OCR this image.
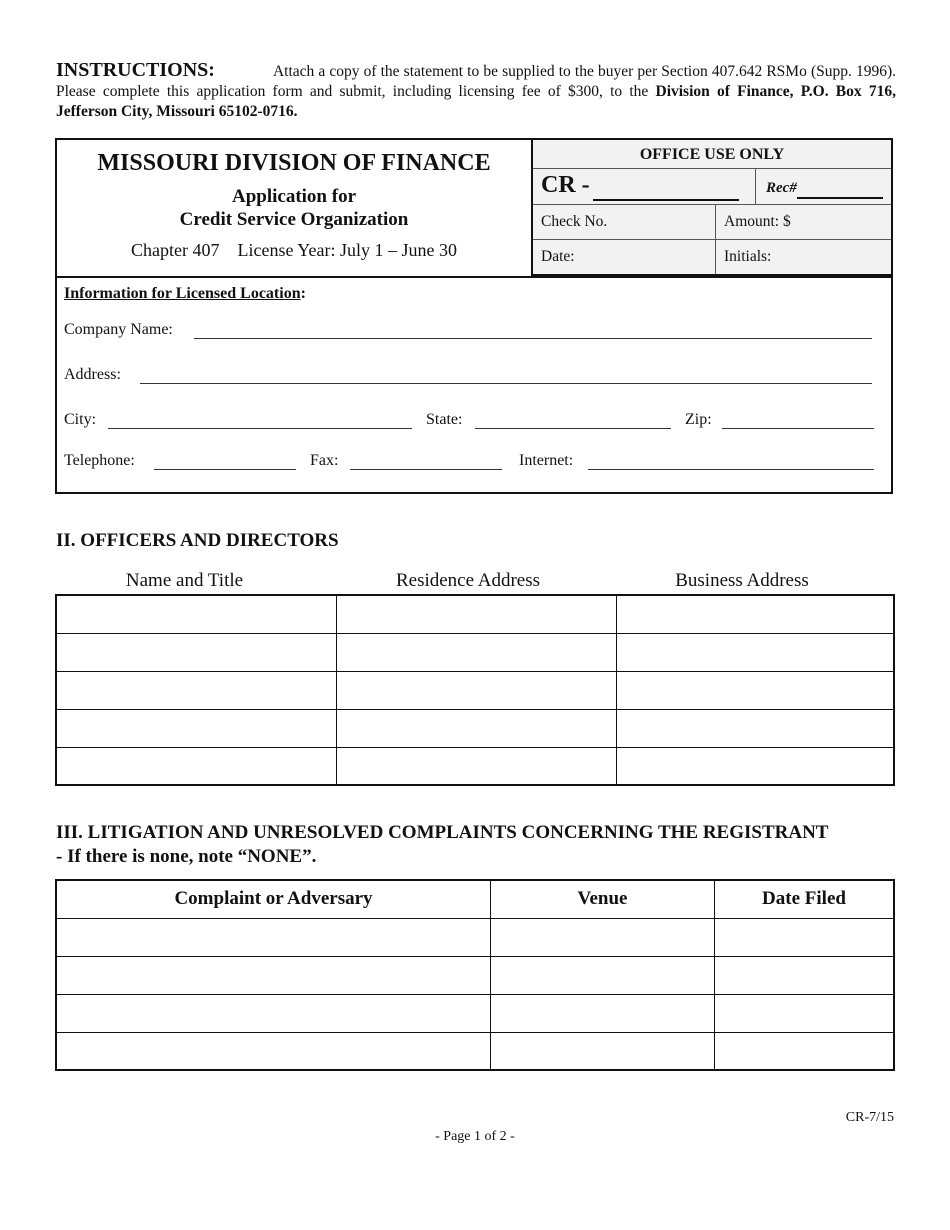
INSTRUCTIONS:	Attach a copy of the statement to be supplied to the buyer per Section 407.642 RSMo (Supp. 1996). Please complete this application form and submit, including licensing fee of $300, to the Division of Finance, P.O. Box 716, Jefferson City, Missouri 65102-0716.
MISSOURI DIVISION OF FINANCE
Application for
Credit Service Organization
Chapter 407    License Year: July 1 – June 30
OFFICE USE ONLY
CR -	Rec#
Check No.	Amount: $
Date:	Initials:
Information for Licensed Location:
Company Name:
Address:
City:	State:	Zip:
Telephone:	Fax:	Internet:
II. OFFICERS AND DIRECTORS
Name and Title	Residence Address	Business Address

III. LITIGATION AND UNRESOLVED COMPLAINTS CONCERNING THE REGISTRANT
- If there is none, note “NONE”.
Complaint or Adversary	Venue	Date Filed

CR-7/15
- Page 1 of 2 -
